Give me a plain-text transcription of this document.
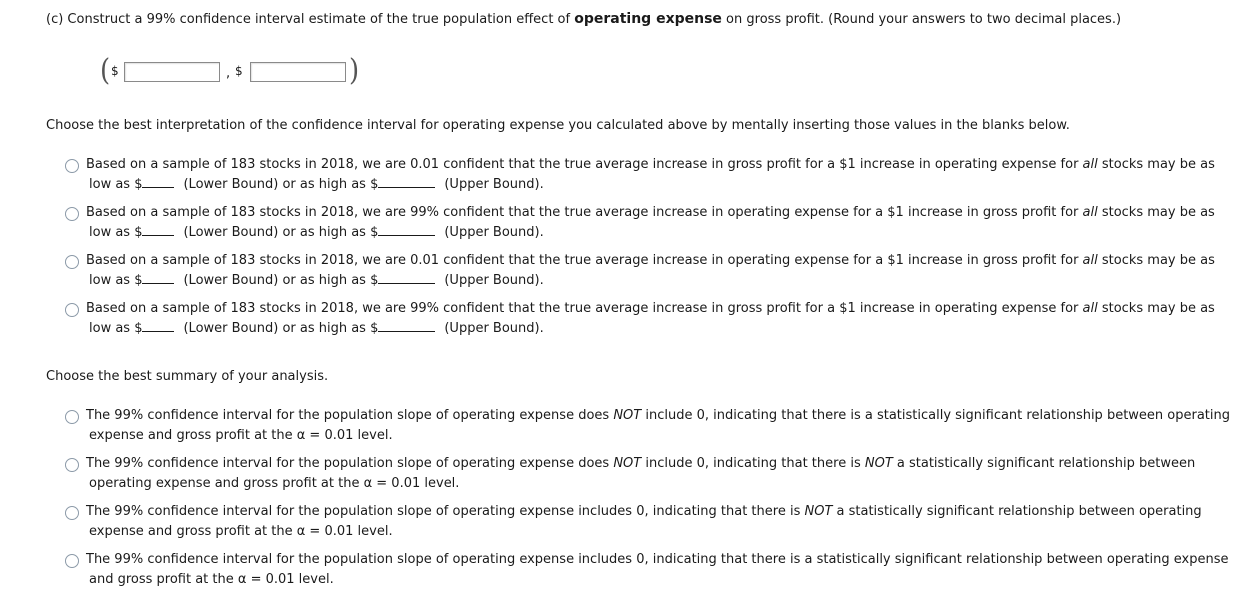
(c) Construct a 99% confidence interval estimate of the true population effect of operating expense on gross profit. (Round your answers to two decimal places.)
( $	, $	)
Choose the best interpretation of the confidence interval for operating expense you calculated above by mentally inserting those values in the blanks below.
Based on a sample of 183 stocks in 2018, we are 0.01 confident that the true average increase in gross profit for a $1 increase in operating expense for all stocks may be as
low as $	(Lower Bound) or as high as $	(Upper Bound).
Based on a sample of 183 stocks in 2018, we are 99% confident that the true average increase in operating expense for a $1 increase in gross profit for all stocks may be as
low as $	(Lower Bound) or as high as $	(Upper Bound).
Based on a sample of 183 stocks in 2018, we are 0.01 confident that the true average increase in operating expense for a $1 increase in gross profit for all stocks may be as
low as $	(Lower Bound) or as high as $	(Upper Bound).
Based on a sample of 183 stocks in 2018, we are 99% confident that the true average increase in gross profit for a $1 increase in operating expense for all stocks may be as
low as $	(Lower Bound) or as high as $	(Upper Bound).
Choose the best summary of your analysis.
The 99% confidence interval for the population slope of operating expense does NOT include 0, indicating that there is a statistically significant relationship between operating
expense and gross profit at the α = 0.01 level.
The 99% confidence interval for the population slope of operating expense does NOT include 0, indicating that there is NOT a statistically significant relationship between
operating expense and gross profit at the α = 0.01 level.
The 99% confidence interval for the population slope of operating expense includes 0, indicating that there is NOT a statistically significant relationship between operating
expense and gross profit at the α = 0.01 level.
The 99% confidence interval for the population slope of operating expense includes 0, indicating that there is a statistically significant relationship between operating expense
and gross profit at the α = 0.01 level.
